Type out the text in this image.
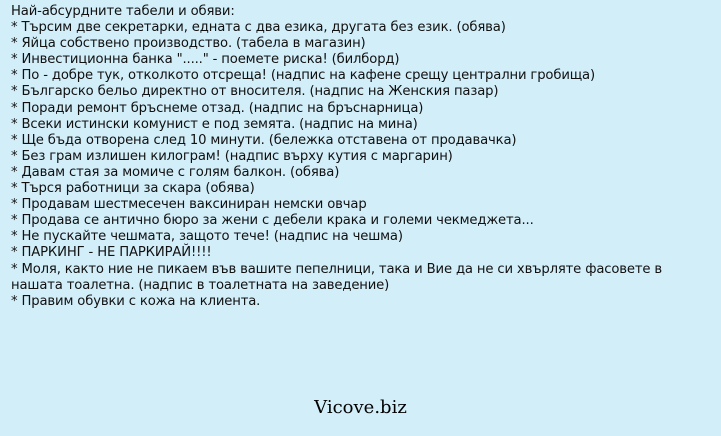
Най-абсурдните табели и обяви:
* Търсим две секретарки, едната с два езика, другата без език. (обява)
* Яйца собствено производство. (табела в магазин)
* Инвестиционна банка "....." - поемете риска! (билборд)
* По - добре тук, отколкото отсреща! (надпис на кафене срещу централни гробища)
* Българско бельо директно от вносителя. (надпис на Женския пазар)
* Поради ремонт бръснеме отзад. (надпис на бръснарница)
* Всеки истински комунист е под земята. (надпис на мина)
* Ще бъда отворена след 10 минути. (бележка отставена от продавачка)
* Без грам излишен килограм! (надпис върху кутия с маргарин)
* Давам стая за момиче с голям балкон. (обява)
* Търся работници за скара (обява)
* Продавам шестмесечен ваксиниран немски овчар
* Продава се антично бюро за жени с дебели крака и големи чекмеджета...
* Не пускайте чешмата, защото тече! (надпис на чешма)
* ПАРКИНГ - НЕ ПАРКИРАЙ!!!!
* Моля, както ние не пикаем във вашите пепелници, така и Вие да не си хвърляте фасовете в нашата тоалетна. (надпис в тоалетната на заведение)
* Правим обувки с кожа на клиента.
Vicove.biz
